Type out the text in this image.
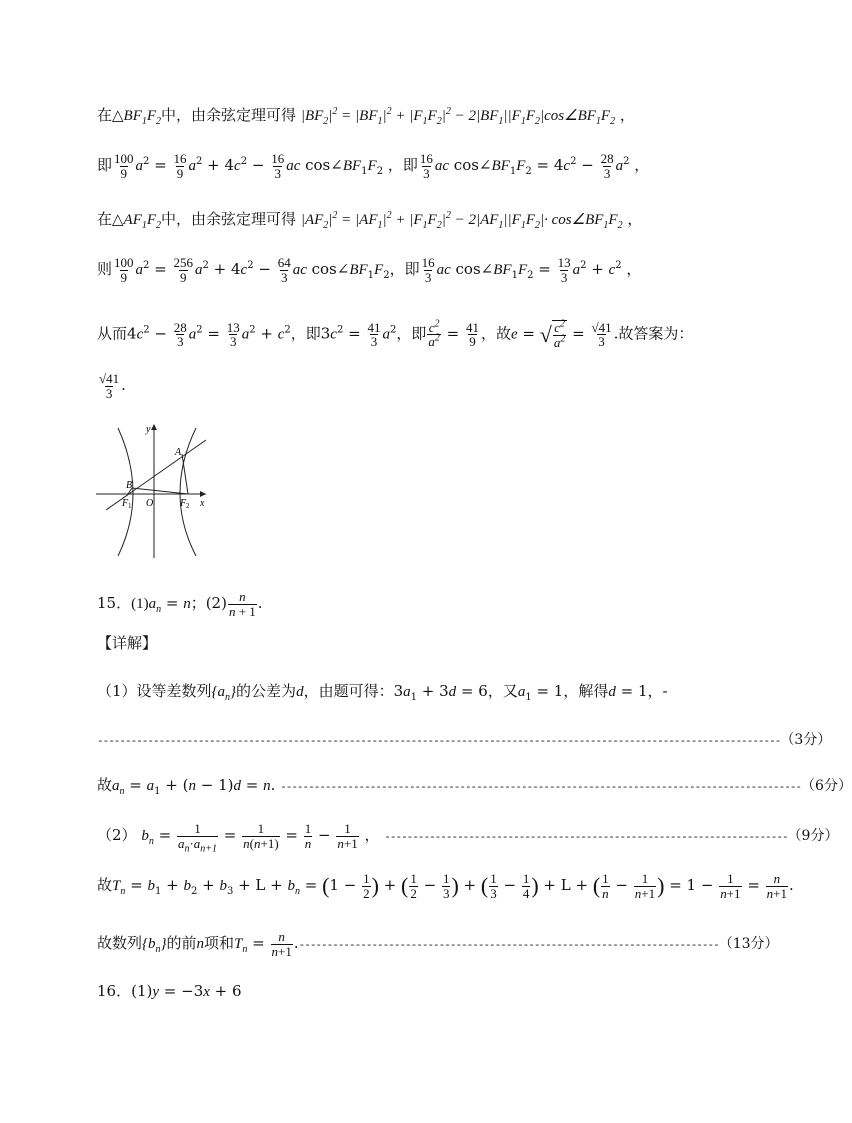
在$\triangle BF_1F_2$中，由余弦定理可得 $|BF_2|^2 = |BF_1|^2 + |F_1F_2|^2$ − $2|BF_1||F_1F_2|\cos\angle BF_1F_2$ ，
即 $\frac{100}{9} a^2 = \frac{16}{9} a^2 + 4c^2 - \frac{16}{3}$ ac $\cos\angle BF_1F_2$ ，即 $\frac{16}{3}$ ac $\cos\angle BF_1F_2 = 4c^2 - \frac{28}{3} a^2$ ，
在$\triangle AF_1F_2$中，由余弦定理可得 $|AF_2|^2 = |AF_1|^2 + |F_1F_2|^2 - 2|AF_1||F_1F_2|\cdot$ $\cos\angle BF_1F_2$ ，
则 $\frac{100}{9} a^2 = \frac{256}{9} a^2 + 4c^2 - \frac{64}{3}$ ac $\cos\angle BF_1F_2$，即 $\frac{16}{3}$ ac $\cos\angle BF_1F_2 = \frac{13}{3} a^2 + c^2$ ，
从而$4c^2 - \frac{28}{3} a^2 = \frac{13}{3} a^2 + c^2$，即$3c^2 = \frac{41}{3} a^2$，即 $\frac{c^2}{a^2} = \frac{41}{9}$ ，故e = √ $\frac{c^2}{a^2} = \frac{√41}{3}$ .故答案为：
$\frac{√41}{3}$ .
y
x
A
B
O
F 1	F 2
15．$(1)a_n = n$；$(2) \frac{n}{n + 1}$ .
【详解】
（1）设等差数列$\{a_n\}$的公差为d，由题可得：$3a_1 + 3d = 6$，又$a_1 = 1$，解得d = 1，-
--------------------------------------------------------------------------------------------------------------------------（3分）
故$a_n = a_1 + (n - 1)d = n$. ---------------------------------------------------------------------------------------------（6分）
（2） $b_n = \frac{1}{a_n\cdot a_{n+1}} = \frac{1}{n(n+1)} = \frac{1}{n} - \frac{1}{n+1}$ ， ------------------------------------------------------------------------（9分）
故$T_n = b_1 + b_2 + b_3 + L + b_n = (1 - \frac{1}{2}$ ) + ( $\frac{1}{2} - \frac{1}{3}$ ) + ( $\frac{1}{3} - \frac{1}{4}$ ) + L + ( $\frac{1}{n} - \frac{1}{n+1}$ ) = $1 - \frac{1}{n+1} = \frac{n}{n+1}$ .
故数列$\{b_n\}$的前n项和$T_n = \frac{n}{n+1} .---------------------------------------------------------------------------(13$分）
16．(1)y = −3x + 6
